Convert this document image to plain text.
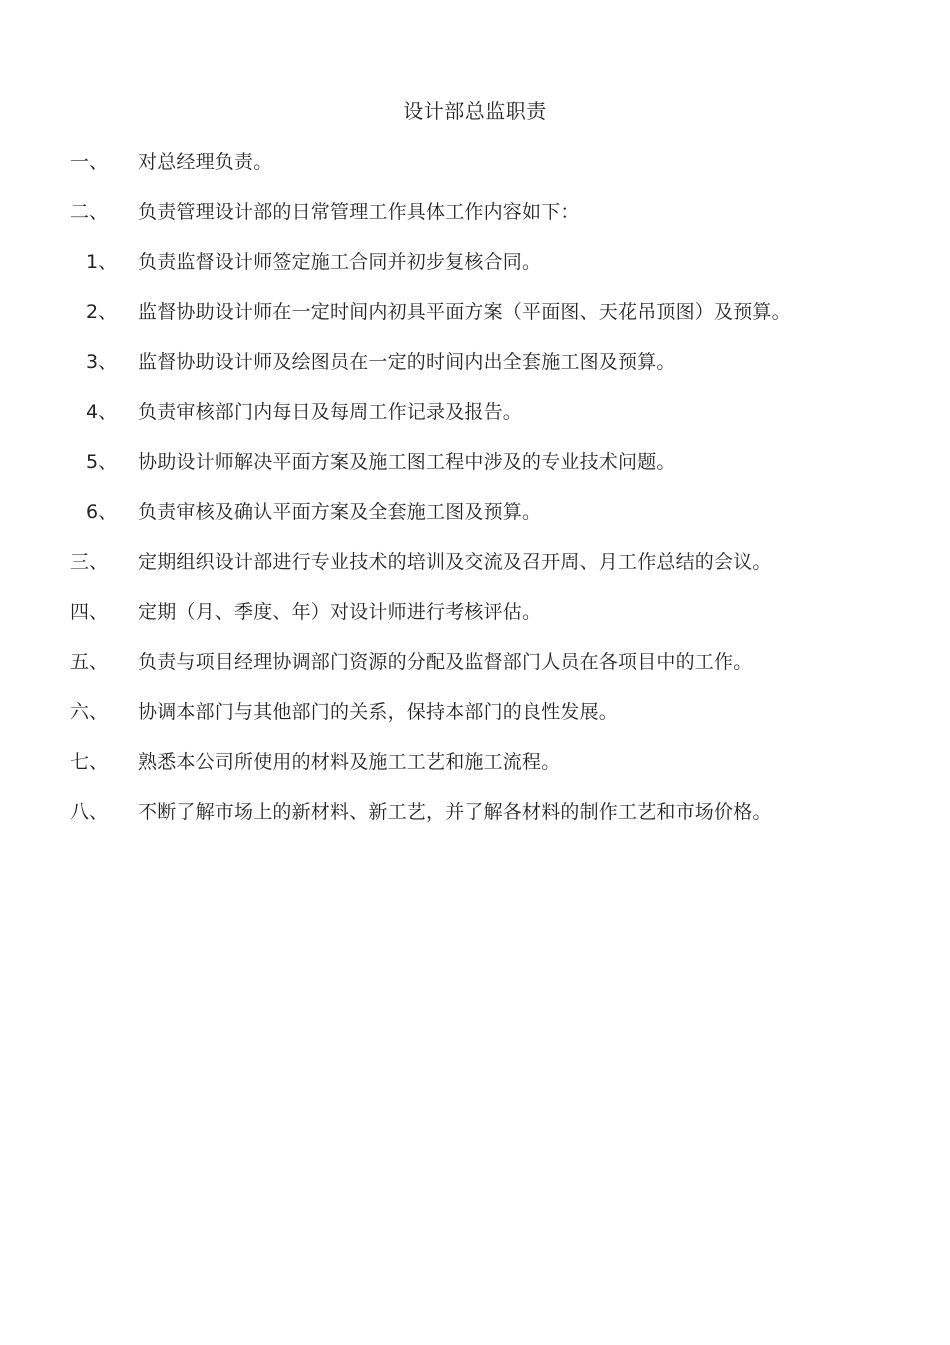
设计部总监职责
一、 对总经理负责。
二、 负责管理设计部的日常管理工作具体工作内容如下：
1、 负责监督设计师签定施工合同并初步复核合同。
2、 监督协助设计师在一定时间内初具平面方案（平面图、天花吊顶图）及预算。
3、 监督协助设计师及绘图员在一定的时间内出全套施工图及预算。
4、 负责审核部门内每日及每周工作记录及报告。
5、 协助设计师解决平面方案及施工图工程中涉及的专业技术问题。
6、 负责审核及确认平面方案及全套施工图及预算。
三、 定期组织设计部进行专业技术的培训及交流及召开周、月工作总结的会议。
四、 定期（月、季度、年）对设计师进行考核评估。
五、 负责与项目经理协调部门资源的分配及监督部门人员在各项目中的工作。
六、 协调本部门与其他部门的关系，保持本部门的良性发展。
七、 熟悉本公司所使用的材料及施工工艺和施工流程。
八、 不断了解市场上的新材料、新工艺，并了解各材料的制作工艺和市场价格。
